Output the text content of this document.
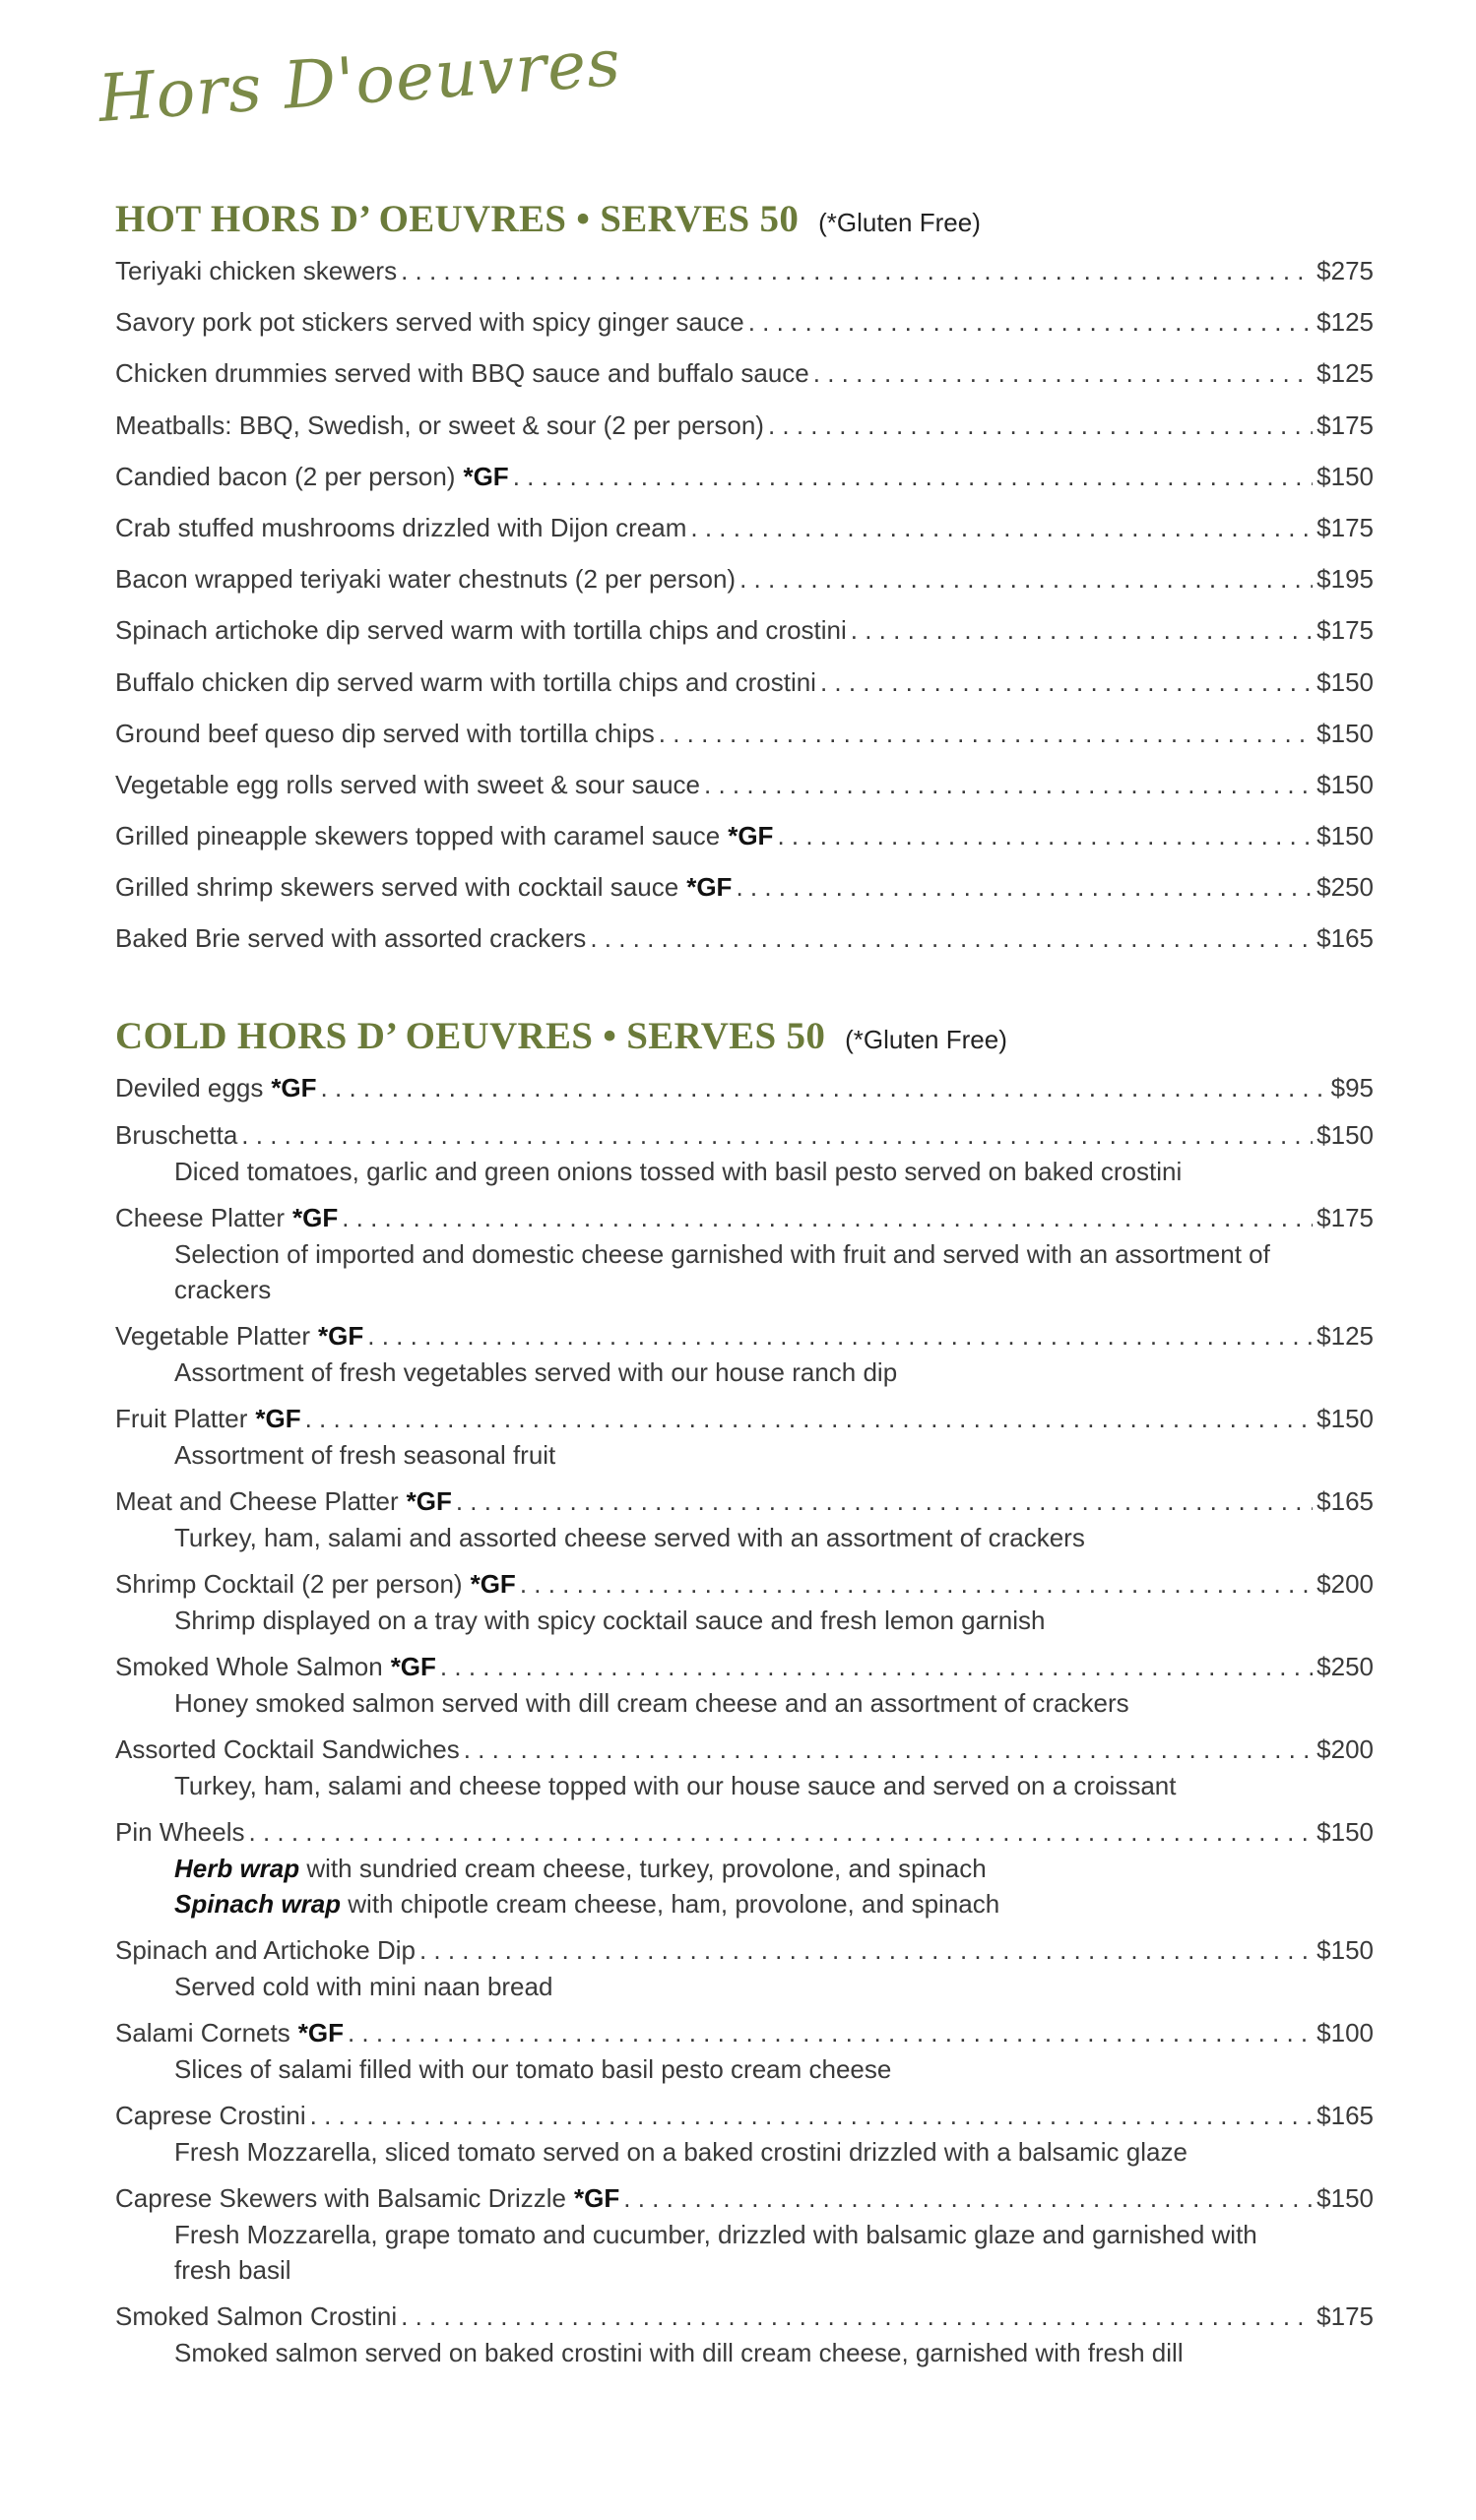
Hors D'oeuvres
HOT HORS D’ OEUVRES • SERVES 50 (*Gluten Free)
Teriyaki chicken skewers . . .	$275
Savory pork pot stickers served with spicy ginger sauce . . .	$125
Chicken drummies served with BBQ sauce and buffalo sauce . . .	$125
Meatballs: BBQ, Swedish, or sweet & sour (2 per person) . . .	$175
Candied bacon (2 per person) *GF . . .	$150
Crab stuffed mushrooms drizzled with Dijon cream . . .	$175
Bacon wrapped teriyaki water chestnuts (2 per person) . . .	$195
Spinach artichoke dip served warm with tortilla chips and crostini . . .	$175
Buffalo chicken dip served warm with tortilla chips and crostini . . .	$150
Ground beef queso dip served with tortilla chips . . .	$150
Vegetable egg rolls served with sweet & sour sauce . . .	$150
Grilled pineapple skewers topped with caramel sauce *GF . . .	$150
Grilled shrimp skewers served with cocktail sauce *GF . . .	$250
Baked Brie served with assorted crackers . . .	$165
COLD HORS D’ OEUVRES • SERVES 50 (*Gluten Free)
Deviled eggs *GF . . .	$95
Bruschetta . . .	$150
Diced tomatoes, garlic and green onions tossed with basil pesto served on baked crostini
Cheese Platter *GF . . .	$175
Selection of imported and domestic cheese garnished with fruit and served with an assortment of crackers
Vegetable Platter *GF . . .	$125
Assortment of fresh vegetables served with our house ranch dip
Fruit Platter *GF . . .	$150
Assortment of fresh seasonal fruit
Meat and Cheese Platter *GF . . .	$165
Turkey, ham, salami and assorted cheese served with an assortment of crackers
Shrimp Cocktail (2 per person) *GF . . .	$200
Shrimp displayed on a tray with spicy cocktail sauce and fresh lemon garnish
Smoked Whole Salmon *GF . . .	$250
Honey smoked salmon served with dill cream cheese and an assortment of crackers
Assorted Cocktail Sandwiches . . .	$200
Turkey, ham, salami and cheese topped with our house sauce and served on a croissant
Pin Wheels . . .	$150
Herb wrap with sundried cream cheese, turkey, provolone, and spinach
Spinach wrap with chipotle cream cheese, ham, provolone, and spinach
Spinach and Artichoke Dip . . .	$150
Served cold with mini naan bread
Salami Cornets *GF . . .	$100
Slices of salami filled with our tomato basil pesto cream cheese
Caprese Crostini . . .	$165
Fresh Mozzarella, sliced tomato served on a baked crostini drizzled with a balsamic glaze
Caprese Skewers with Balsamic Drizzle *GF . . .	$150
Fresh Mozzarella, grape tomato and cucumber, drizzled with balsamic glaze and garnished with fresh basil
Smoked Salmon Crostini . . .	$175
Smoked salmon served on baked crostini with dill cream cheese, garnished with fresh dill
